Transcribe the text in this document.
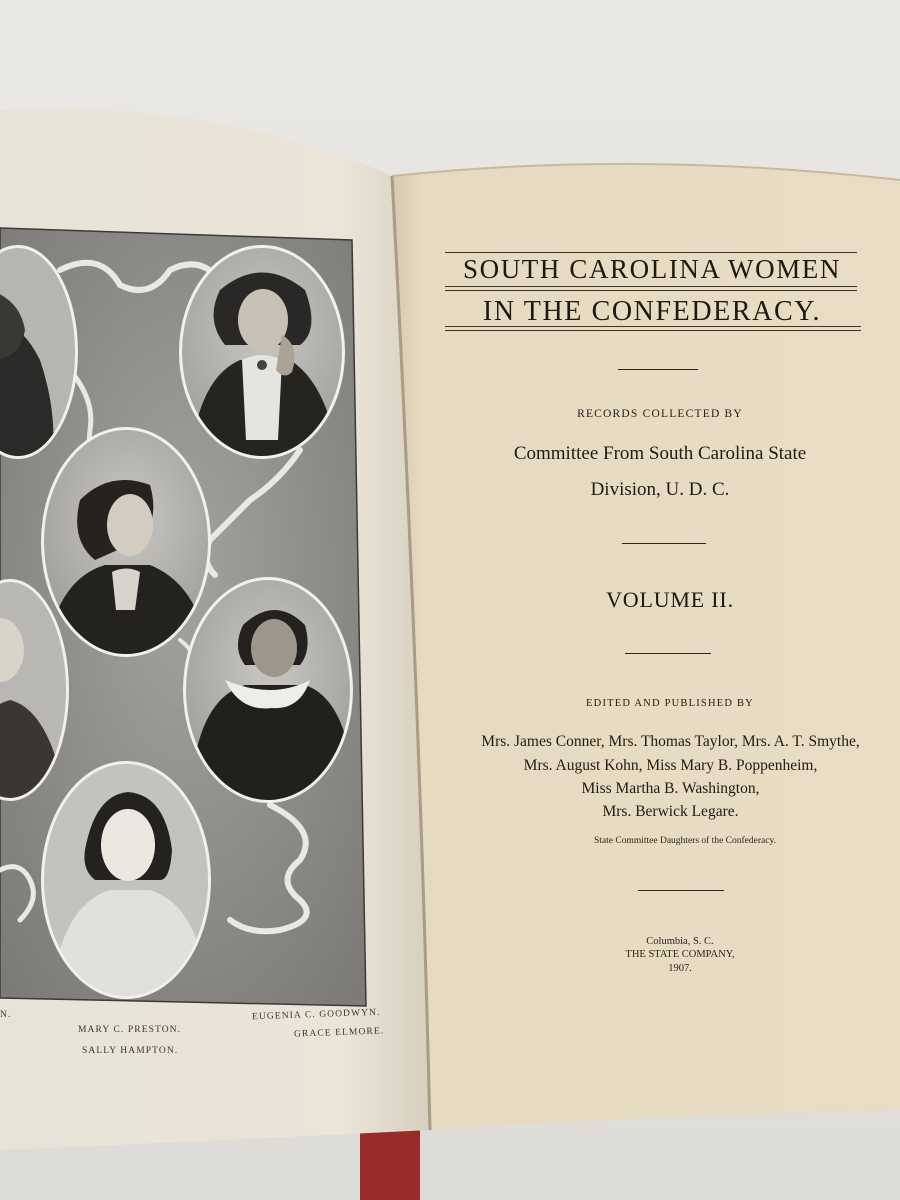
N.
MARY C. PRESTON.
SALLY HAMPTON.
EUGENIA C. GOODWYN.
GRACE ELMORE.
SOUTH CAROLINA WOMEN
IN THE CONFEDERACY.
RECORDS COLLECTED BY
Committee From South Carolina State
Division, U. D. C.
VOLUME II.
EDITED AND PUBLISHED BY
Mrs. James Conner, Mrs. Thomas Taylor, Mrs. A. T. Smythe,
Mrs. August Kohn, Miss Mary B. Poppenheim,
Miss Martha B. Washington,
Mrs. Berwick Legare.
State Committee Daughters of the Confederacy.
Columbia, S. C.
THE STATE COMPANY,
1907.
